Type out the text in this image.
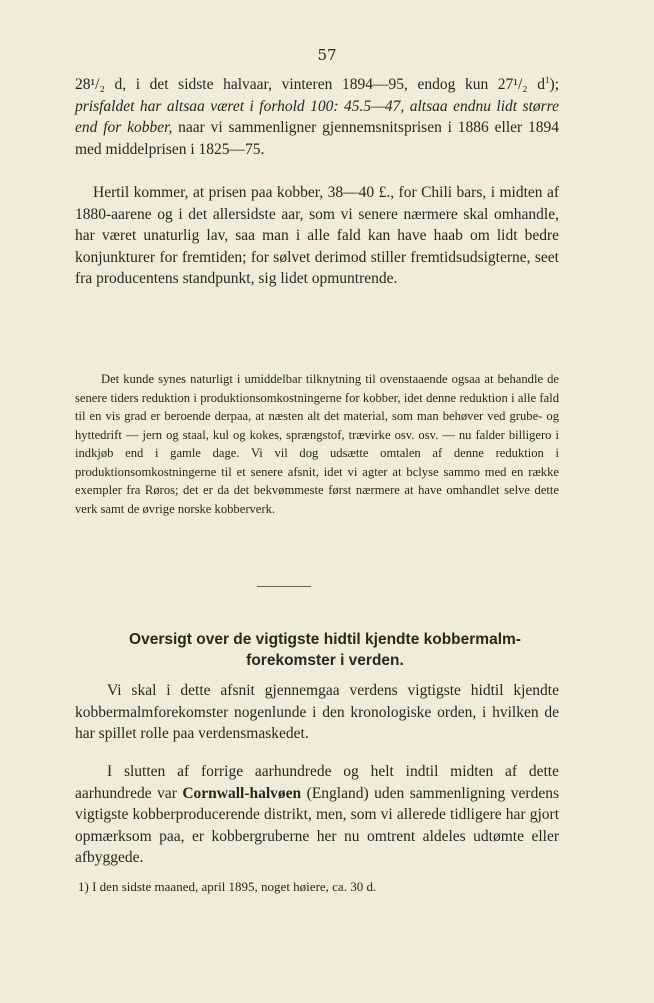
57

28¹/₂ d, i det sidste halvaar, vinteren 1894—95, endog kun 27¹/₂ $d^1$); prisfaldet har altsaa været i forhold 100: 45.5—47, altsaa endnu lidt større end for kobber, naar vi sammenligner gjennemsnitsprisen i 1886 eller 1894 med middelprisen i 1825—75.

Hertil kommer, at prisen paa kobber, 38—40 £., for Chili bars, i midten af 1880-aarene og i det allersidste aar, som vi senere nærmere skal omhandle, har været unaturlig lav, saa man i alle fald kan have haab om lidt bedre konjunkturer for fremtiden; for sølvet derimod stiller fremtidsudsigterne, seet fra producentens standpunkt, sig lidet opmuntrende.

Det kunde synes naturligt i umiddelbar tilknytning til ovenstaaende ogsaa at behandle de senere tiders reduktion i produktionsomkostningerne for kobber, idet denne reduktion i alle fald til en vis grad er beroende derpaa, at næsten alt det material, som man behøver ved grube- og hyttedrift — jern og staal, kul og kokes, sprængstof, trævirke osv. osv. — nu falder billigero i indkjøb end i gamle dage. Vi vil dog udsætte omtalen af denne reduktion i produktionsomkostningerne til et senere afsnit, idet vi agter at bclyse sammo med en række exempler fra Røros; det er da det bekvømmeste først nærmere at have omhandlet selve dette verk samt de øvrige norske kobberverk.

Oversigt over de vigtigste hidtil kjendte kobbermalm-forekomster i verden.

Vi skal i dette afsnit gjennemgaa verdens vigtigste hidtil kjendte kobbermalmforekomster nogenlunde i den kronologiske orden, i hvilken de har spillet rolle paa verdensmaskedet.

I slutten af forrige aarhundrede og helt indtil midten af dette aarhundrede var Cornwall-halvøen (England) uden sammenligning verdens vigtigste kobberproducerende distrikt, men, som vi allerede tidligere har gjort opmærksom paa, er kobbergruberne her nu omtrent aldeles udtømte eller afbyggede.

1) I den sidste maaned, april 1895, noget høiere, ca. 30 d.
